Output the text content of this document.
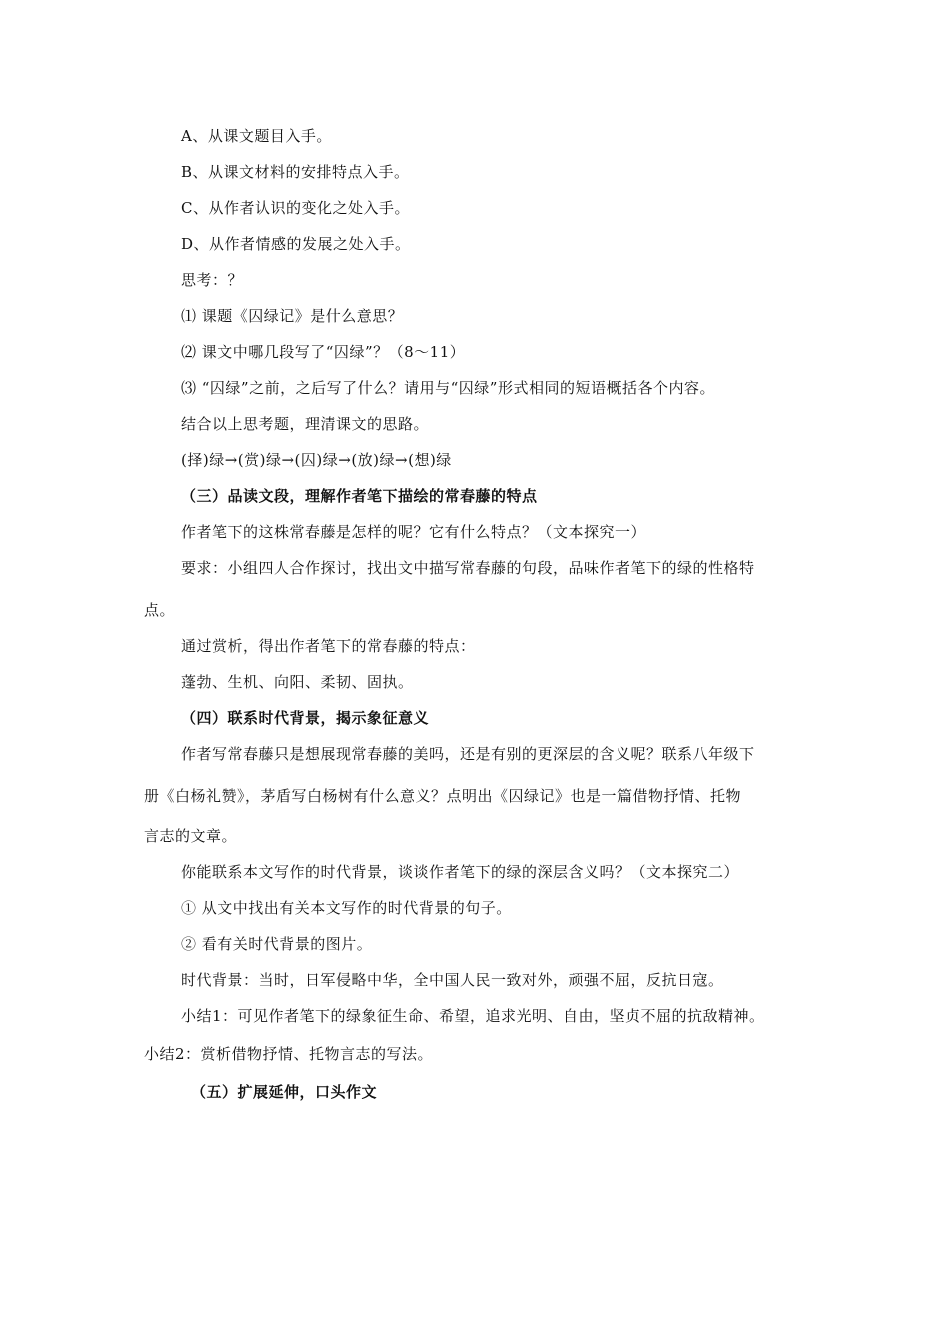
A、从课文题目入手。
B、从课文材料的安排特点入手。
C、从作者认识的变化之处入手。
D、从作者情感的发展之处入手。
思考：？
⑴ 课题《囚绿记》是什么意思？
⑵ 课文中哪几段写了“囚绿”？（8～11）
⑶ “囚绿”之前，之后写了什么？请用与“囚绿”形式相同的短语概括各个内容。
结合以上思考题，理清课文的思路。
(择)绿→(赏)绿→(囚)绿→(放)绿→(想)绿
（三）品读文段，理解作者笔下描绘的常春藤的特点
作者笔下的这株常春藤是怎样的呢？它有什么特点？（文本探究一）
要求：小组四人合作探讨，找出文中描写常春藤的句段，品味作者笔下的绿的性格特
点。
通过赏析，得出作者笔下的常春藤的特点：
蓬勃、生机、向阳、柔韧、固执。
（四）联系时代背景，揭示象征意义
作者写常春藤只是想展现常春藤的美吗，还是有别的更深层的含义呢？联系八年级下
册《白杨礼赞》，茅盾写白杨树有什么意义？点明出《囚绿记》也是一篇借物抒情、托物
言志的文章。
你能联系本文写作的时代背景，谈谈作者笔下的绿的深层含义吗？（文本探究二）
① 从文中找出有关本文写作的时代背景的句子。
② 看有关时代背景的图片。
时代背景：当时，日军侵略中华，全中国人民一致对外，顽强不屈，反抗日寇。
小结1：可见作者笔下的绿象征生命、希望，追求光明、自由，坚贞不屈的抗敌精神。
小结2：赏析借物抒情、托物言志的写法。
（五）扩展延伸，口头作文
